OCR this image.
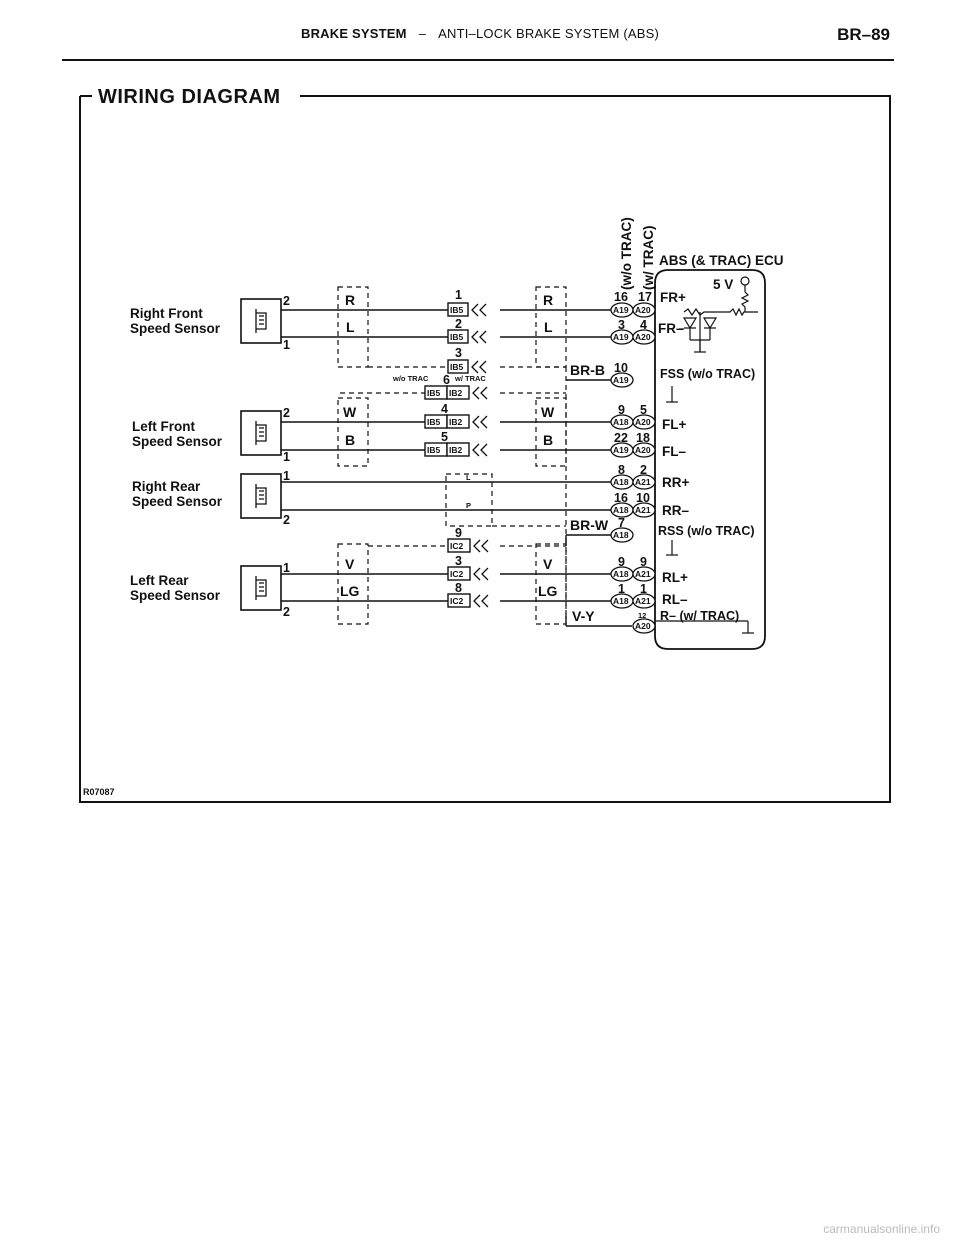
BRAKE SYSTEM – ANTI–LOCK BRAKE SYSTEM (ABS)	BR–89
WIRING DIAGRAM
R07087
Right Front
Speed Sensor
Left Front
Speed Sensor
Right Rear
Speed Sensor
Left Rear
Speed Sensor
2
1
2
1
1
2
1
2
IB5
IB5
IB5
IB5 IB2
IB5 IB2
IB5 IB2
IC2
IC2
IC2
w/o TRAC	w/ TRAC
1
2
3
6
4
5
9
3
8
R
L
R
L
W
B
W
B
V
LG
V
LG
L
P
BR-B
BR-W
V-Y
ABS (& TRAC) ECU
(w/o TRAC) (w/ TRAC)	5 V
A19 A20
A19 A20
A19
A18 A20
A19 A20
A18 A21
A18 A21
A18
A18 A21
A18 A21
A20
16 17
3 4
10
9 5
22 18
8 2
16 10
7
9 9
1 1
12
FR+
FR–
FSS (w/o TRAC)
FL+
FL–
RR+
RR–
RSS (w/o TRAC)
RL+
RL–
R– (w/ TRAC)
carmanualsonline.info
